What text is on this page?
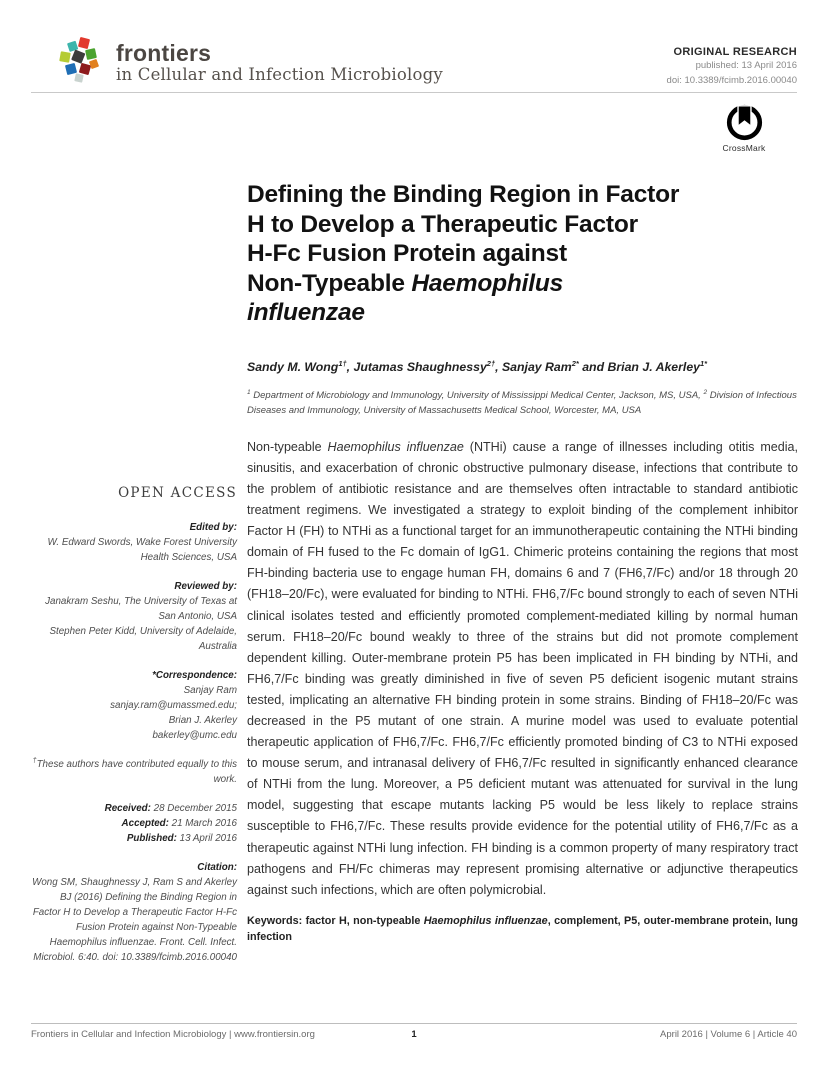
frontiers
in Cellular and Infection Microbiology
ORIGINAL RESEARCH
published: 13 April 2016
doi: 10.3389/fcimb.2016.00040
CrossMark
OPEN ACCESS
Edited by:
W. Edward Swords, Wake Forest University Health Sciences, USA
Reviewed by:
Janakram Seshu, The University of Texas at San Antonio, USA
Stephen Peter Kidd, University of Adelaide, Australia
*Correspondence:
Sanjay Ram
sanjay.ram@umassmed.edu;
Brian J. Akerley
bakerley@umc.edu
†These authors have contributed equally to this work.
Received: 28 December 2015
Accepted: 21 March 2016
Published: 13 April 2016
Citation:
Wong SM, Shaughnessy J, Ram S and Akerley BJ (2016) Defining the Binding Region in Factor H to Develop a Therapeutic Factor H-Fc Fusion Protein against Non-Typeable Haemophilus influenzae. Front. Cell. Infect. Microbiol. 6:40. doi: 10.3389/fcimb.2016.00040
Defining the Binding Region in Factor
H to Develop a Therapeutic Factor
H-Fc Fusion Protein against
Non-Typeable Haemophilus
influenzae
Sandy M. Wong$^{1\dagger}$, Jutamas Shaughnessy$^{2\dagger}$, Sanjay Ram$^{2*}$ and Brian J. Akerley$^{1*}$
$^1$ Department of Microbiology and Immunology, University of Mississippi Medical Center, Jackson, MS, USA, $^2$ Division of Infectious Diseases and Immunology, University of Massachusetts Medical School, Worcester, MA, USA

Non-typeable Haemophilus influenzae (NTHi) cause a range of illnesses including otitis media, sinusitis, and exacerbation of chronic obstructive pulmonary disease, infections that contribute to the problem of antibiotic resistance and are themselves often intractable to standard antibiotic treatment regimens. We investigated a strategy to exploit binding of the complement inhibitor Factor H (FH) to NTHi as a functional target for an immunotherapeutic containing the NTHi binding domain of FH fused to the Fc domain of IgG1. Chimeric proteins containing the regions that most FH-binding bacteria use to engage human FH, domains 6 and 7 (FH6,7/Fc) and/or 18 through 20 (FH18–20/Fc), were evaluated for binding to NTHi. FH6,7/Fc bound strongly to each of seven NTHi clinical isolates tested and efficiently promoted complement-mediated killing by normal human serum. FH18–20/Fc bound weakly to three of the strains but did not promote complement dependent killing. Outer-membrane protein P5 has been implicated in FH binding by NTHi, and FH6,7/Fc binding was greatly diminished in five of seven P5 deficient isogenic mutant strains tested, implicating an alternative FH binding protein in some strains. Binding of FH18–20/Fc was decreased in the P5 mutant of one strain. A murine model was used to evaluate potential therapeutic application of FH6,7/Fc. FH6,7/Fc efficiently promoted binding of C3 to NTHi exposed to mouse serum, and intranasal delivery of FH6,7/Fc resulted in significantly enhanced clearance of NTHi from the lung. Moreover, a P5 deficient mutant was attenuated for survival in the lung model, suggesting that escape mutants lacking P5 would be less likely to replace strains susceptible to FH6,7/Fc. These results provide evidence for the potential utility of FH6,7/Fc as a therapeutic against NTHi lung infection. FH binding is a common property of many respiratory tract pathogens and FH/Fc chimeras may represent promising alternative or adjunctive therapeutics against such infections, which are often polymicrobial.

Keywords: factor H, non-typeable Haemophilus influenzae, complement, P5, outer-membrane protein, lung infection

Frontiers in Cellular and Infection Microbiology | www.frontiersin.org	1	April 2016 | Volume 6 | Article 40
